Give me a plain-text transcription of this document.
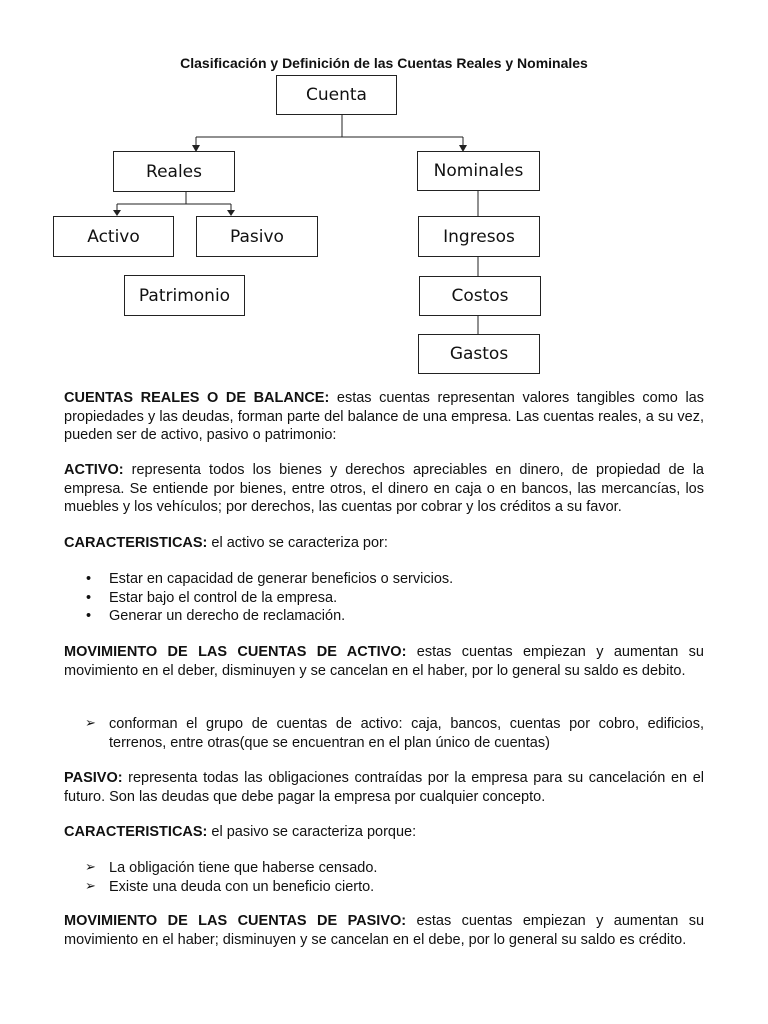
Clasificación y Definición de las Cuentas Reales y Nominales
Cuenta
Reales	Nominales
Activo	Pasivo
Patrimonio
Ingresos
Costos
Gastos
CUENTAS REALES O DE BALANCE: estas cuentas representan valores tangibles como las propiedades y las deudas, forman parte del balance de una empresa. Las cuentas reales, a su vez, pueden ser de activo, pasivo o patrimonio:
ACTIVO: representa todos los bienes y derechos apreciables en dinero, de propiedad de la empresa. Se entiende por bienes, entre otros, el dinero en caja o en bancos, las mercancías, los muebles y los vehículos; por derechos, las cuentas por cobrar y los créditos a su favor.
CARACTERISTICAS: el activo se caracteriza por:
• Estar en capacidad de generar beneficios o servicios.
• Estar bajo el control de la empresa.
• Generar un derecho de reclamación.
MOVIMIENTO DE LAS CUENTAS DE ACTIVO: estas cuentas empiezan y aumentan su movimiento en el deber, disminuyen y se cancelan en el haber, por lo general su saldo es debito.
➢ conforman el grupo de cuentas de activo: caja, bancos, cuentas por cobro, edificios, terrenos, entre otras(que se encuentran en el plan único de cuentas)
PASIVO: representa todas las obligaciones contraídas por la empresa para su cancelación en el futuro. Son las deudas que debe pagar la empresa por cualquier concepto.
CARACTERISTICAS: el pasivo se caracteriza porque:
➢ La obligación tiene que haberse censado.
➢ Existe una deuda con un beneficio cierto.
MOVIMIENTO DE LAS CUENTAS DE PASIVO: estas cuentas empiezan y aumentan su movimiento en el haber; disminuyen y se cancelan en el debe, por lo general su saldo es crédito.
